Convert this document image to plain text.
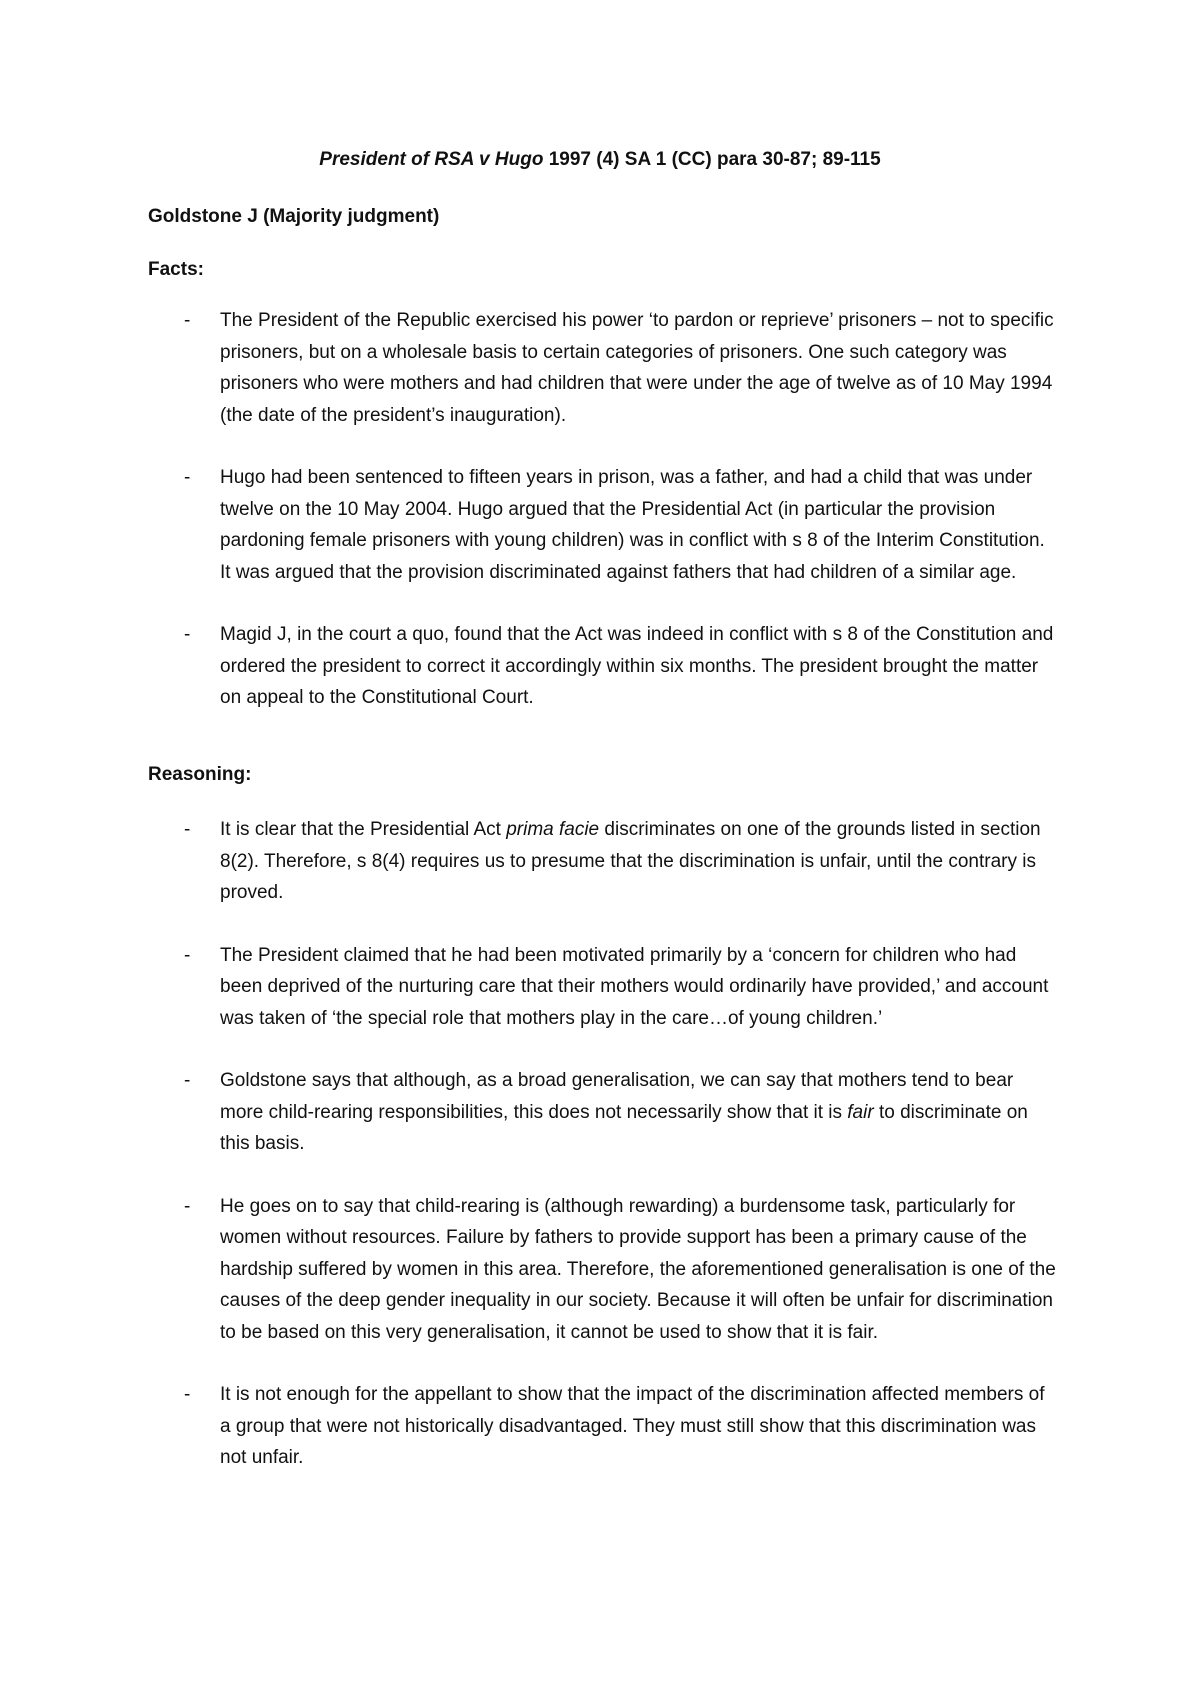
President of RSA v Hugo 1997 (4) SA 1 (CC) para 30-87; 89-115
Goldstone J (Majority judgment)
Facts:
- The President of the Republic exercised his power ‘to pardon or reprieve’ prisoners – not to specific prisoners, but on a wholesale basis to certain categories of prisoners. One such category was prisoners who were mothers and had children that were under the age of twelve as of 10 May 1994 (the date of the president’s inauguration).
- Hugo had been sentenced to fifteen years in prison, was a father, and had a child that was under twelve on the 10 May 2004. Hugo argued that the Presidential Act (in particular the provision pardoning female prisoners with young children) was in conflict with s 8 of the Interim Constitution. It was argued that the provision discriminated against fathers that had children of a similar age.
- Magid J, in the court a quo, found that the Act was indeed in conflict with s 8 of the Constitution and ordered the president to correct it accordingly within six months. The president brought the matter on appeal to the Constitutional Court.
Reasoning:
- It is clear that the Presidential Act prima facie discriminates on one of the grounds listed in section 8(2). Therefore, s 8(4) requires us to presume that the discrimination is unfair, until the contrary is proved.
- The President claimed that he had been motivated primarily by a ‘concern for children who had been deprived of the nurturing care that their mothers would ordinarily have provided,’ and account was taken of ‘the special role that mothers play in the care…of young children.’
- Goldstone says that although, as a broad generalisation, we can say that mothers tend to bear more child-rearing responsibilities, this does not necessarily show that it is fair to discriminate on this basis.
- He goes on to say that child-rearing is (although rewarding) a burdensome task, particularly for women without resources. Failure by fathers to provide support has been a primary cause of the hardship suffered by women in this area. Therefore, the aforementioned generalisation is one of the causes of the deep gender inequality in our society. Because it will often be unfair for discrimination to be based on this very generalisation, it cannot be used to show that it is fair.
- It is not enough for the appellant to show that the impact of the discrimination affected members of a group that were not historically disadvantaged. They must still show that this discrimination was not unfair.
